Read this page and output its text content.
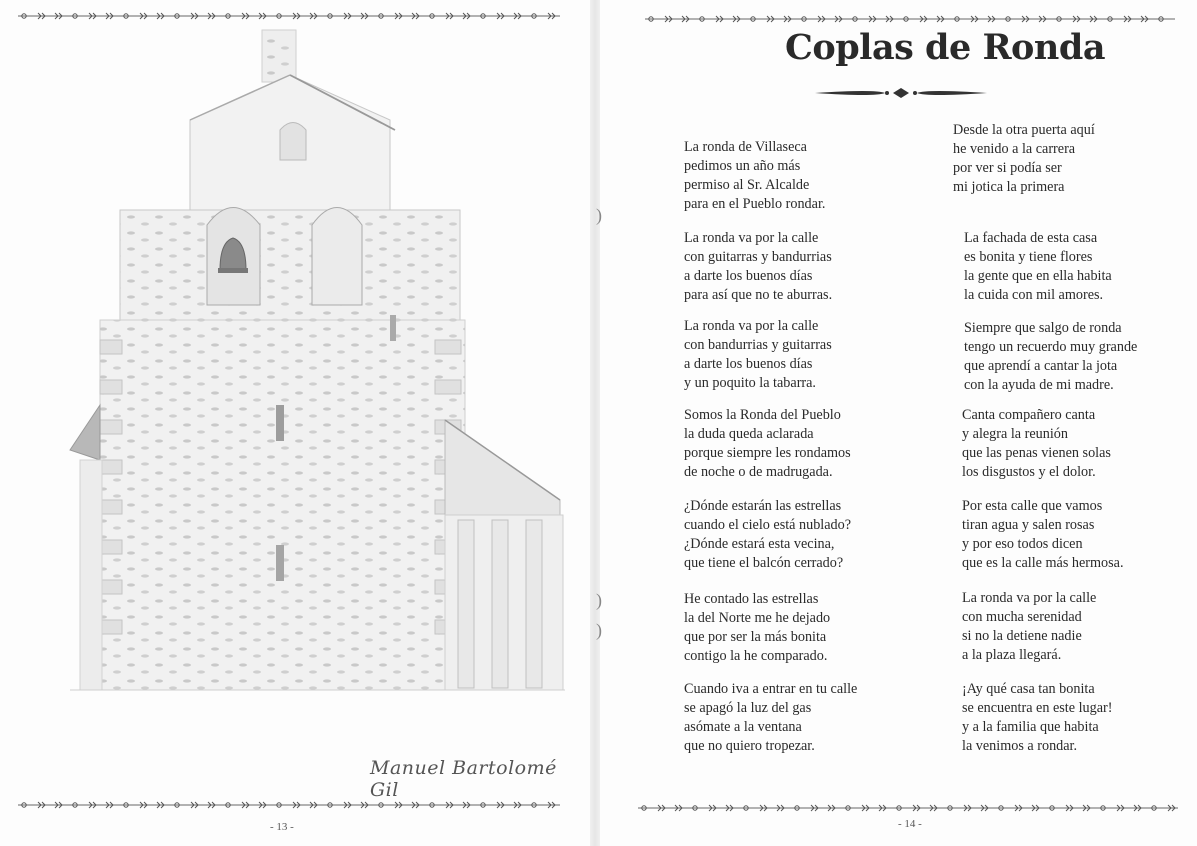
Manuel Bartolomé Gil
- 13 -
Coplas de Ronda
La ronda de Villaseca
pedimos un año más
permiso al Sr. Alcalde
para en el Pueblo rondar.
La ronda va por la calle
con guitarras y bandurrias
a darte los buenos días
para así que no te aburras.
La ronda va por la calle
con bandurrias y guitarras
a darte los buenos días
y un poquito la tabarra.
Somos la Ronda del Pueblo
la duda queda aclarada
porque siempre les rondamos
de noche o de madrugada.
¿Dónde estarán las estrellas
cuando el cielo está nublado?
¿Dónde estará esta vecina,
que tiene el balcón cerrado?
He contado las estrellas
la del Norte me he dejado
que por ser la más bonita
contigo la he comparado.
Cuando iva a entrar en tu calle
se apagó la luz del gas
asómate a la ventana
que no quiero tropezar.
Desde la otra puerta aquí
he venido a la carrera
por ver si podía ser
mi jotica la primera
La fachada de esta casa
es bonita y tiene flores
la gente que en ella habita
la cuida con mil amores.
Siempre que salgo de ronda
tengo un recuerdo muy grande
que aprendí a cantar la jota
con la ayuda de mi madre.
Canta compañero canta
y alegra la reunión
que las penas vienen solas
los disgustos y el dolor.
Por esta calle que vamos
tiran agua y salen rosas
y por eso todos dicen
que es la calle más hermosa.
La ronda va por la calle
con mucha serenidad
si no la detiene nadie
a la plaza llegará.
¡Ay qué casa tan bonita
se encuentra en este lugar!
y a la familia que habita
la venimos a rondar.
- 14 -
)
)
)
